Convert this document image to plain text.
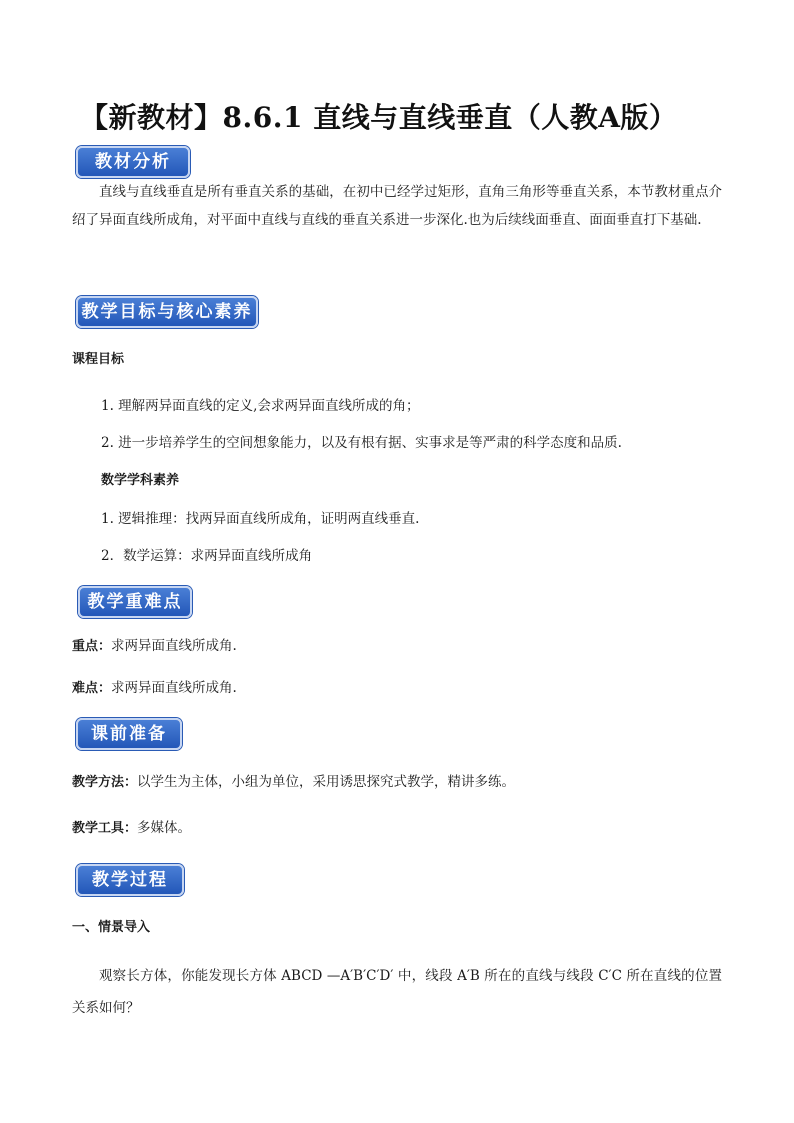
【新教材】8.6.1 直线与直线垂直（人教A版）
教材分析
直线与直线垂直是所有垂直关系的基础，在初中已经学过矩形，直角三角形等垂直关系，本节教材重点介绍了异面直线所成角，对平面中直线与直线的垂直关系进一步深化.也为后续线面垂直、面面垂直打下基础.
教学目标与核心素养
课程目标
1. 理解两异面直线的定义,会求两异面直线所成的角；
2. 进一步培养学生的空间想象能力，以及有根有据、实事求是等严肃的科学态度和品质.
数学学科素养
1. 逻辑推理：找两异面直线所成角，证明两直线垂直.
2．数学运算：求两异面直线所成角
教学重难点
重点：求两异面直线所成角.
难点：求两异面直线所成角.
课前准备
教学方法：以学生为主体，小组为单位，采用诱思探究式教学，精讲多练。
教学工具：多媒体。
教学过程
一、情景导入
观察长方体，你能发现长方体 ABCD —A′B′C′D′ 中，线段 A′B 所在的直线与线段 C′C 所在直线的位置关系如何？
